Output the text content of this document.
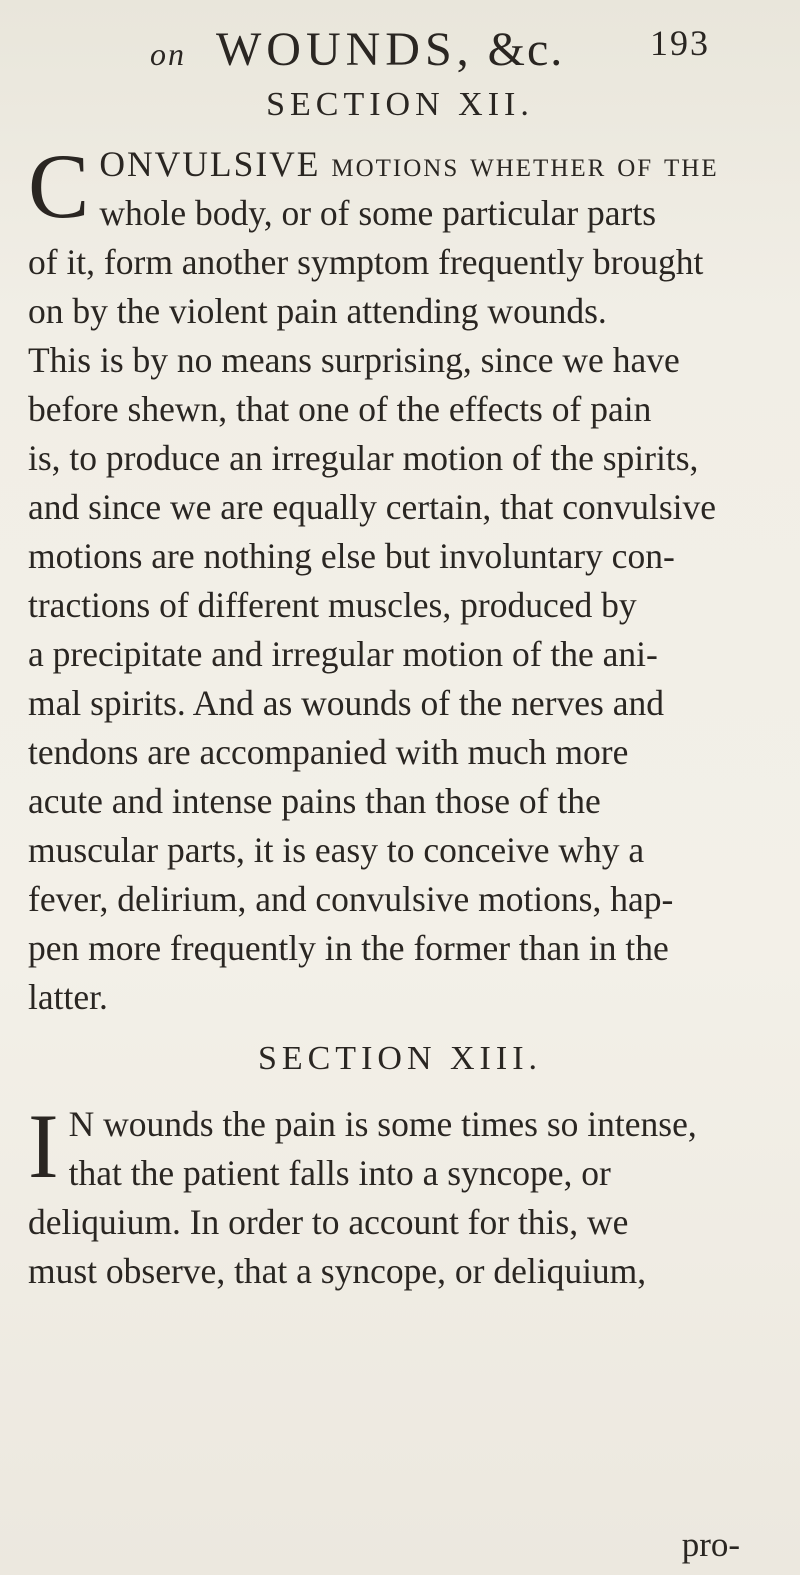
on WOUNDS, &c. 193
SECTION XII.
C ONVULSIVE motions whether of the
whole body, or of some particular parts
of it, form another symptom frequently brought
on by the violent pain attending wounds.
This is by no means surprising, since we have
before shewn, that one of the effects of pain
is, to produce an irregular motion of the spirits,
and since we are equally certain, that convulsive
motions are nothing else but involuntary con-
tractions of different muscles, produced by
a precipitate and irregular motion of the ani-
mal spirits. And as wounds of the nerves and
tendons are accompanied with much more
acute and intense pains than those of the
muscular parts, it is easy to conceive why a
fever, delirium, and convulsive motions, hap-
pen more frequently in the former than in the
latter.
SECTION XIII.
I N wounds the pain is some times so intense,
that the patient falls into a syncope, or
deliquium. In order to account for this, we
must observe, that a syncope, or deliquium,
pro-
